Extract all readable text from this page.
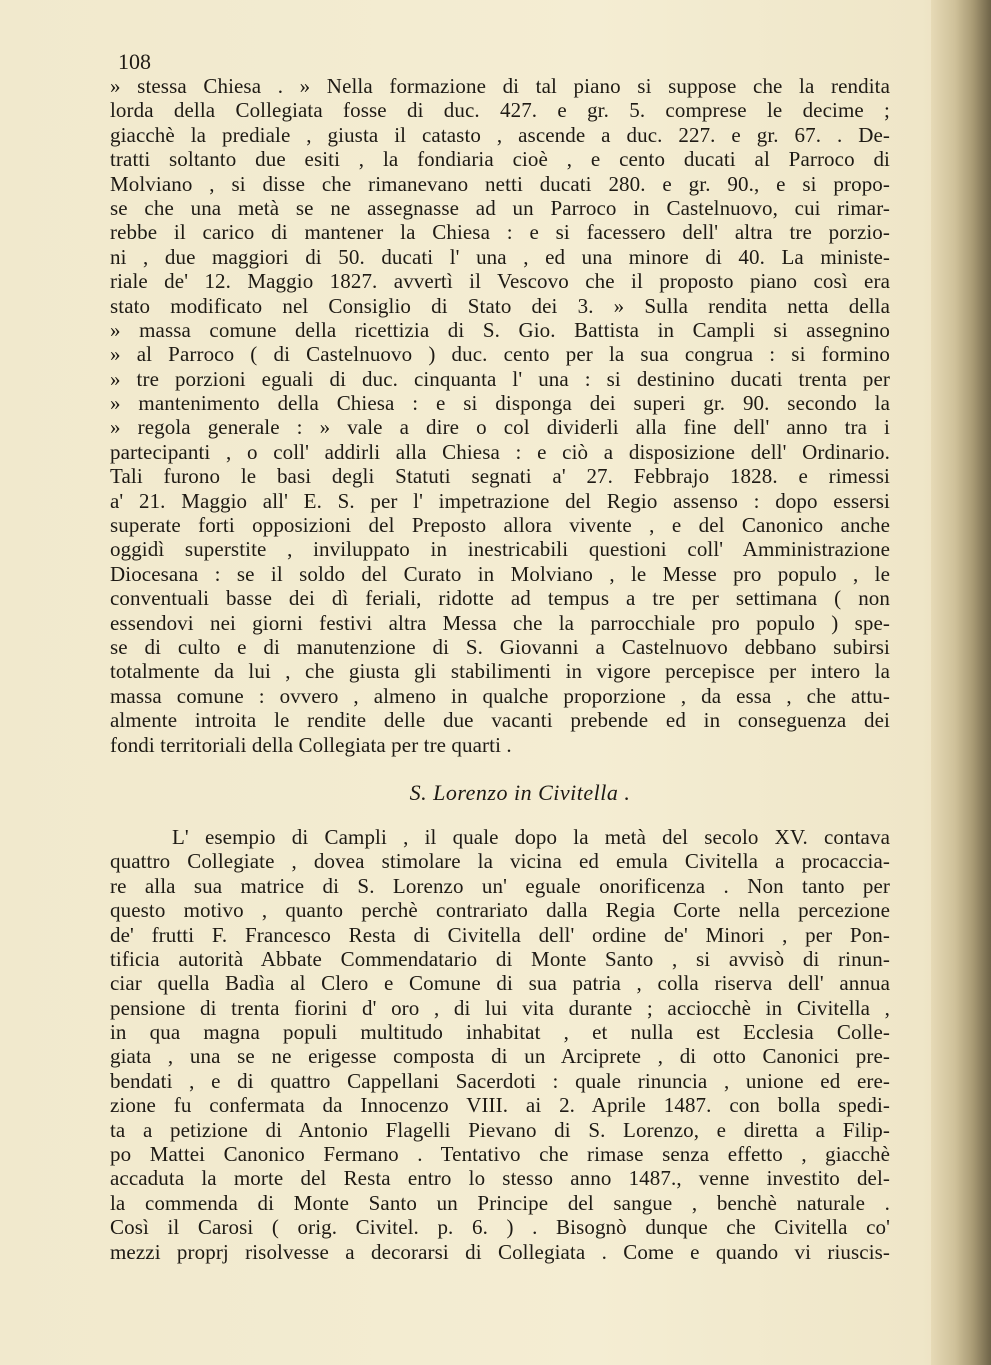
108
» stessa Chiesa . » Nella formazione di tal piano si suppose che la rendita
lorda della Collegiata fosse di duc. 427. e gr. 5. comprese le decime ;
giacchè la prediale , giusta il catasto , ascende a duc. 227. e gr. 67. . De-
tratti soltanto due esiti , la fondiaria cioè , e cento ducati al Parroco di
Molviano , si disse che rimanevano netti ducati 280. e gr. 90., e si propo-
se che una metà se ne assegnasse ad un Parroco in Castelnuovo, cui rimar-
rebbe il carico di mantener la Chiesa : e si facessero dell' altra tre porzio-
ni , due maggiori di 50. ducati l' una , ed una minore di 40. La ministe-
riale de' 12. Maggio 1827. avvertì il Vescovo che il proposto piano così era
stato modificato nel Consiglio di Stato dei 3. » Sulla rendita netta della
» massa comune della ricettizia di S. Gio. Battista in Campli si assegnino
» al Parroco ( di Castelnuovo ) duc. cento per la sua congrua : si formino
» tre porzioni eguali di duc. cinquanta l' una : si destinino ducati trenta per
» mantenimento della Chiesa : e si disponga dei superi gr. 90. secondo la
» regola generale : » vale a dire o col dividerli alla fine dell' anno tra i
partecipanti , o coll' addirli alla Chiesa : e ciò a disposizione dell' Ordinario.
Tali furono le basi degli Statuti segnati a' 27. Febbrajo 1828. e rimessi
a' 21. Maggio all' E. S. per l' impetrazione del Regio assenso : dopo essersi
superate forti opposizioni del Preposto allora vivente , e del Canonico anche
oggidì superstite , inviluppato in inestricabili questioni coll' Amministrazione
Diocesana : se il soldo del Curato in Molviano , le Messe pro populo , le
conventuali basse dei dì feriali, ridotte ad tempus a tre per settimana ( non
essendovi nei giorni festivi altra Messa che la parrocchiale pro populo ) spe-
se di culto e di manutenzione di S. Giovanni a Castelnuovo debbano subirsi
totalmente da lui , che giusta gli stabilimenti in vigore percepisce per intero la
massa comune : ovvero , almeno in qualche proporzione , da essa , che attu-
almente introita le rendite delle due vacanti prebende ed in conseguenza dei
fondi territoriali della Collegiata per tre quarti .
S. Lorenzo in Civitella .
L' esempio di Campli , il quale dopo la metà del secolo XV. contava
quattro Collegiate , dovea stimolare la vicina ed emula Civitella a procaccia-
re alla sua matrice di S. Lorenzo un' eguale onorificenza . Non tanto per
questo motivo , quanto perchè contrariato dalla Regia Corte nella percezione
de' frutti F. Francesco Resta di Civitella dell' ordine de' Minori , per Pon-
tificia autorità Abbate Commendatario di Monte Santo , si avvisò di rinun-
ciar quella Badìa al Clero e Comune di sua patria , colla riserva dell' annua
pensione di trenta fiorini d' oro , di lui vita durante ; acciocchè in Civitella ,
in qua magna populi multitudo inhabitat , et nulla est Ecclesia Colle-
giata , una se ne erigesse composta di un Arciprete , di otto Canonici pre-
bendati , e di quattro Cappellani Sacerdoti : quale rinuncia , unione ed ere-
zione fu confermata da Innocenzo VIII. ai 2. Aprile 1487. con bolla spedi-
ta a petizione di Antonio Flagelli Pievano di S. Lorenzo, e diretta a Filip-
po Mattei Canonico Fermano . Tentativo che rimase senza effetto , giacchè
accaduta la morte del Resta entro lo stesso anno 1487., venne investito del-
la commenda di Monte Santo un Principe del sangue , benchè naturale .
Così il Carosi ( orig. Civitel. p. 6. ) . Bisognò dunque che Civitella co'
mezzi proprj risolvesse a decorarsi di Collegiata . Come e quando vi riuscis-
